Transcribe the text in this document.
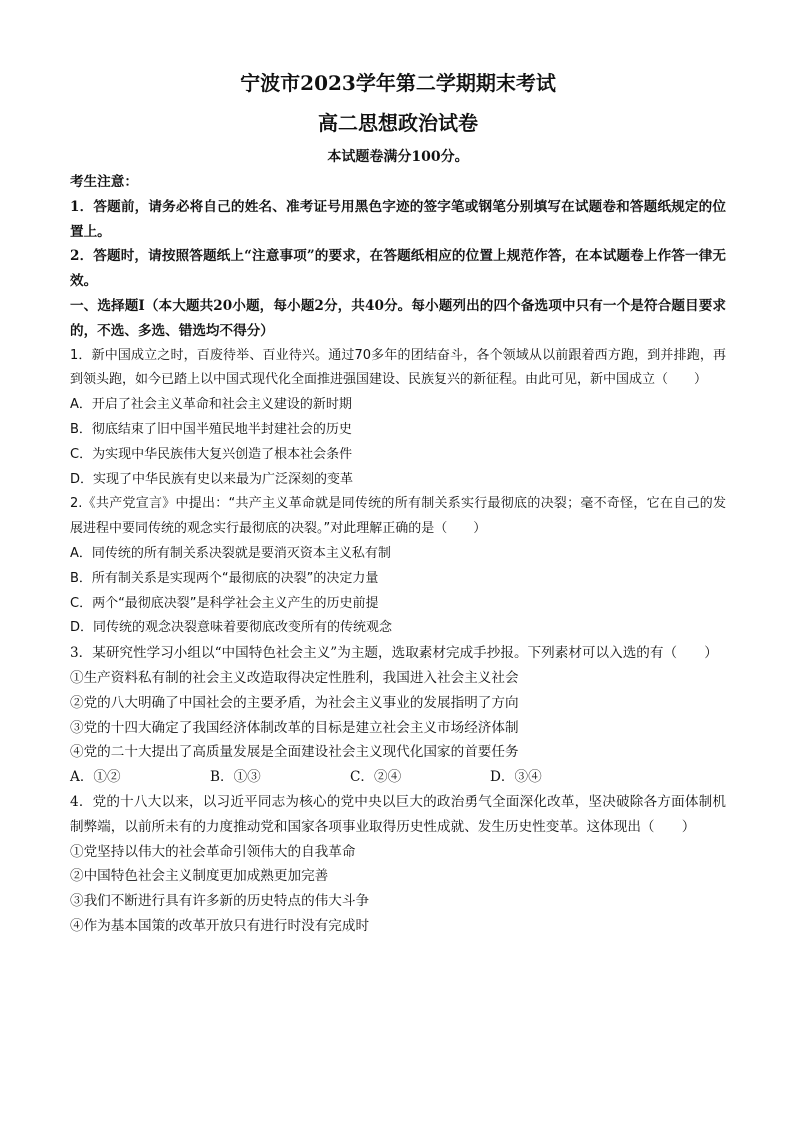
宁波市2023学年第二学期期末考试
高二思想政治试卷
本试题卷满分100分。
考生注意：
1．答题前，请务必将自己的姓名、准考证号用黑色字迹的签字笔或钢笔分别填写在试题卷和答题纸规定的位置上。
2．答题时，请按照答题纸上“注意事项”的要求，在答题纸相应的位置上规范作答，在本试题卷上作答一律无效。
一、选择题Ⅰ（本大题共20小题，每小题2分，共40分。每小题列出的四个备选项中只有一个是符合题目要求的，不选、多选、错选均不得分）
1．新中国成立之时，百废待举、百业待兴。通过70多年的团结奋斗，各个领域从以前跟着西方跑，到并排跑，再到领头跑，如今已踏上以中国式现代化全面推进强国建设、民族复兴的新征程。由此可见，新中国成立（　　）
A．开启了社会主义革命和社会主义建设的新时期
B．彻底结束了旧中国半殖民地半封建社会的历史
C．为实现中华民族伟大复兴创造了根本社会条件
D．实现了中华民族有史以来最为广泛深刻的变革
2.《共产党宣言》中提出：“共产主义革命就是同传统的所有制关系实行最彻底的决裂；毫不奇怪，它在自己的发展进程中要同传统的观念实行最彻底的决裂。”对此理解正确的是（　　）
A．同传统的所有制关系决裂就是要消灭资本主义私有制
B．所有制关系是实现两个“最彻底的决裂”的决定力量
C．两个“最彻底决裂”是科学社会主义产生的历史前提
D．同传统的观念决裂意味着要彻底改变所有的传统观念
3．某研究性学习小组以“中国特色社会主义”为主题，选取素材完成手抄报。下列素材可以入选的有（　　）
①生产资料私有制的社会主义改造取得决定性胜利，我国进入社会主义社会
②党的八大明确了中国社会的主要矛盾，为社会主义事业的发展指明了方向
③党的十四大确定了我国经济体制改革的目标是建立社会主义市场经济体制
④党的二十大提出了高质量发展是全面建设社会主义现代化国家的首要任务
A．①②	B．①③	C．②④	D．③④
4．党的十八大以来，以习近平同志为核心的党中央以巨大的政治勇气全面深化改革，坚决破除各方面体制机制弊端，以前所未有的力度推动党和国家各项事业取得历史性成就、发生历史性变革。这体现出（　　）
①党坚持以伟大的社会革命引领伟大的自我革命
②中国特色社会主义制度更加成熟更加完善
③我们不断进行具有许多新的历史特点的伟大斗争
④作为基本国策的改革开放只有进行时没有完成时
